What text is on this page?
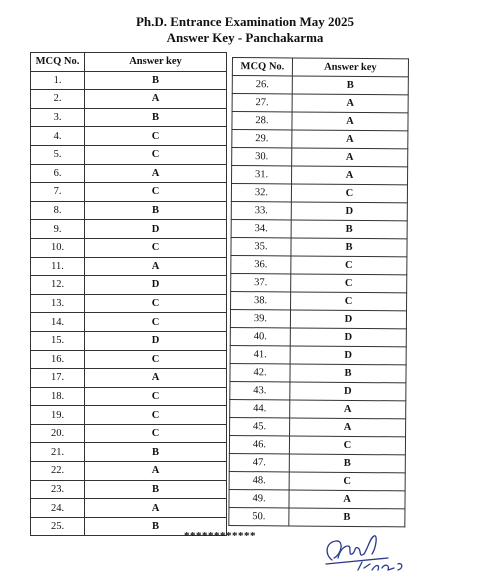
Ph.D. Entrance Examination May 2025
Answer Key - Panchakarma
MCQ No.	Answer key
1.	B
2.	A
3.	B
4.	C
5.	C
6.	A
7.	C
8.	B
9.	D
10.	C
11.	A
12.	D
13.	C
14.	C
15.	D
16.	C
17.	A
18.	C
19.	C
20.	C
21.	B
22.	A
23.	B
24.	A
25.	B
MCQ No.	Answer key
26.	B
27.	A
28.	A
29.	A
30.	A
31.	A
32.	C
33.	D
34.	B
35.	B
36.	C
37.	C
38.	C
39.	D
40.	D
41.	D
42.	B
43.	D
44.	A
45.	A
46.	C
47.	B
48.	C
49.	A
50.	B
************
